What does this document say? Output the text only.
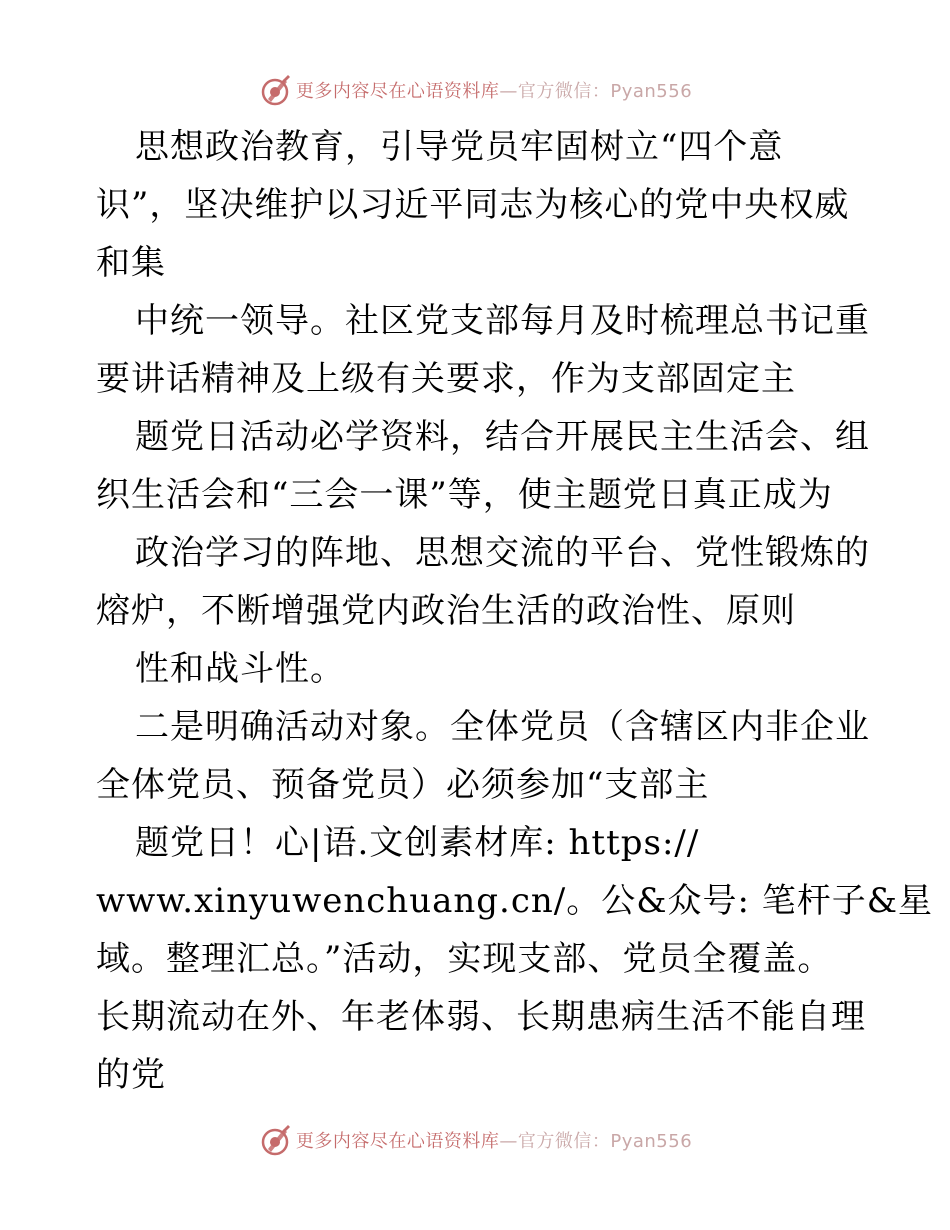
更多内容尽在心语资料库—官方微信：Pyan556
思想政治教育，引导党员牢固树立“四个意
识”，坚决维护以习近平同志为核心的党中央权威
和集
中统一领导。社区党支部每月及时梳理总书记重
要讲话精神及上级有关要求，作为支部固定主
题党日活动必学资料，结合开展民主生活会、组
织生活会和“三会一课”等，使主题党日真正成为
政治学习的阵地、思想交流的平台、党性锻炼的
熔炉，不断增强党内政治生活的政治性、原则
性和战斗性。
二是明确活动对象。全体党员（含辖区内非企业
全体党员、预备党员）必须参加“支部主
题党日！心|语.文创素材库: https://
www.xinyuwenchuang.cn/。公&众号: 笔杆子&星
域。整理汇总。”活动，实现支部、党员全覆盖。
长期流动在外、年老体弱、长期患病生活不能自理
的党
更多内容尽在心语资料库—官方微信：Pyan556
